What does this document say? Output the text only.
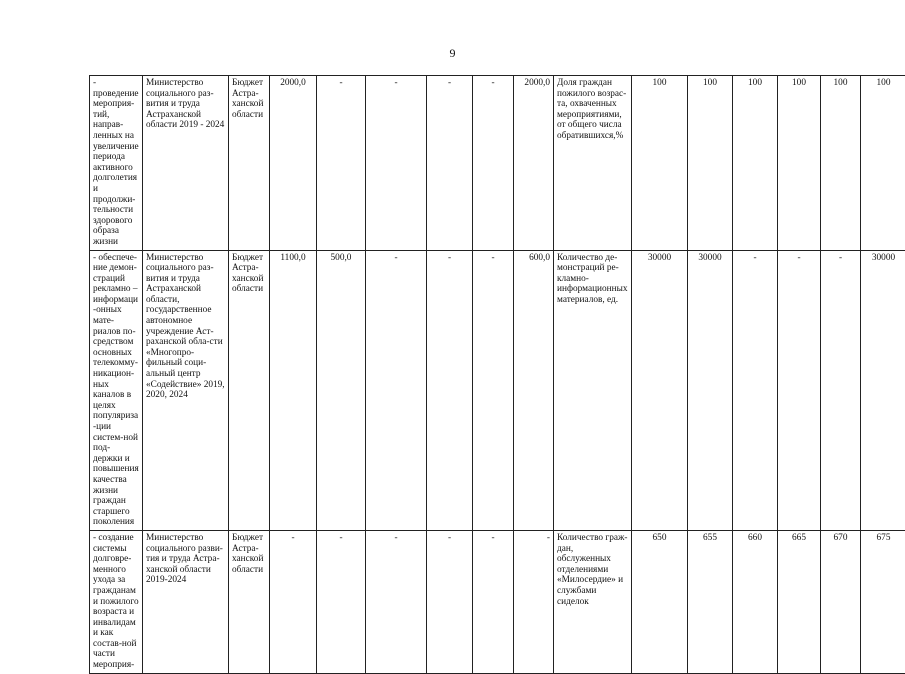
9
- проведение мероприя-тий, направ-ленных на увеличение периода активного долголетия и продолжи-тельности здорового образа жизни	Министерство социального раз-вития и труда Астраханской области 2019 - 2024	Бюджет Астра-ханской области	2000,0	-	-	-	-	2000,0	Доля граждан пожилого возрас-та, охваченных мероприятиями, от общего числа обратившихся,%	100	100	100	100	100	100
- обеспече-ние демон-страций рекламно – информаци-онных мате-риалов по-средством основных телекомму-никацион-ных каналов в целях популяриза-ции систем-ной под-держки и повышения качества жизни граждан старшего поколения	Министерство социального раз-вития и труда Астраханской области, государственное автономное учреждение Аст-раханской обла-сти «Многопро-фильный соци-альный центр «Содействие» 2019, 2020, 2024	Бюджет Астра-ханской области	1100,0	500,0	-	-	-	600,0	Количество де-монстраций ре-кламно-информационных материалов, ед.	30000	30000	-	-	-	30000
- создание системы долговре-менного ухода за гражданами пожилого возраста и инвалидами как состав-ной части мероприя-	Министерство социального разви-тия и труда Астра-ханской области 2019-2024	Бюджет Астра-ханской области	-	-	-	-	-	-	Количество граж-дан, обслуженных отделениями «Милосердие» и службами сиделок	650	655	660	665	670	675
